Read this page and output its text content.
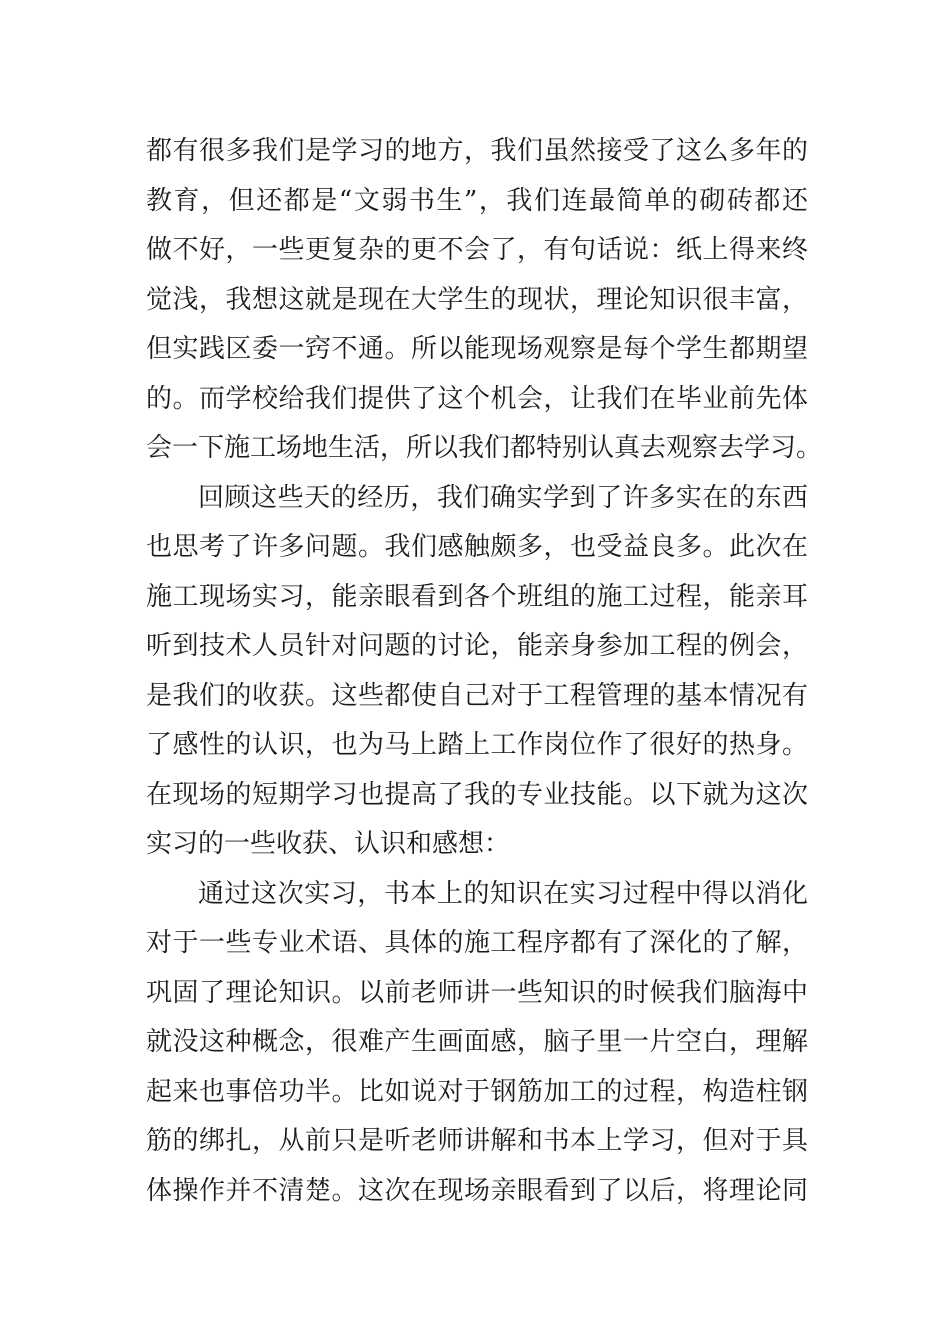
都有很多我们是学习的地方，我们虽然接受了这么多年的
教育，但还都是“文弱书生”，我们连最简单的砌砖都还
做不好，一些更复杂的更不会了，有句话说：纸上得来终
觉浅，我想这就是现在大学生的现状，理论知识很丰富，
但实践区委一窍不通。所以能现场观察是每个学生都期望
的。而学校给我们提供了这个机会，让我们在毕业前先体
会一下施工场地生活，所以我们都特别认真去观察去学习。
回顾这些天的经历，我们确实学到了许多实在的东西
也思考了许多问题。我们感触颇多，也受益良多。此次在
施工现场实习，能亲眼看到各个班组的施工过程，能亲耳
听到技术人员针对问题的讨论，能亲身参加工程的例会，
是我们的收获。这些都使自己对于工程管理的基本情况有
了感性的认识，也为马上踏上工作岗位作了很好的热身。
在现场的短期学习也提高了我的专业技能。以下就为这次
实习的一些收获、认识和感想：
通过这次实习，书本上的知识在实习过程中得以消化
对于一些专业术语、具体的施工程序都有了深化的了解，
巩固了理论知识。以前老师讲一些知识的时候我们脑海中
就没这种概念，很难产生画面感，脑子里一片空白，理解
起来也事倍功半。比如说对于钢筋加工的过程，构造柱钢
筋的绑扎，从前只是听老师讲解和书本上学习，但对于具
体操作并不清楚。这次在现场亲眼看到了以后，将理论同
